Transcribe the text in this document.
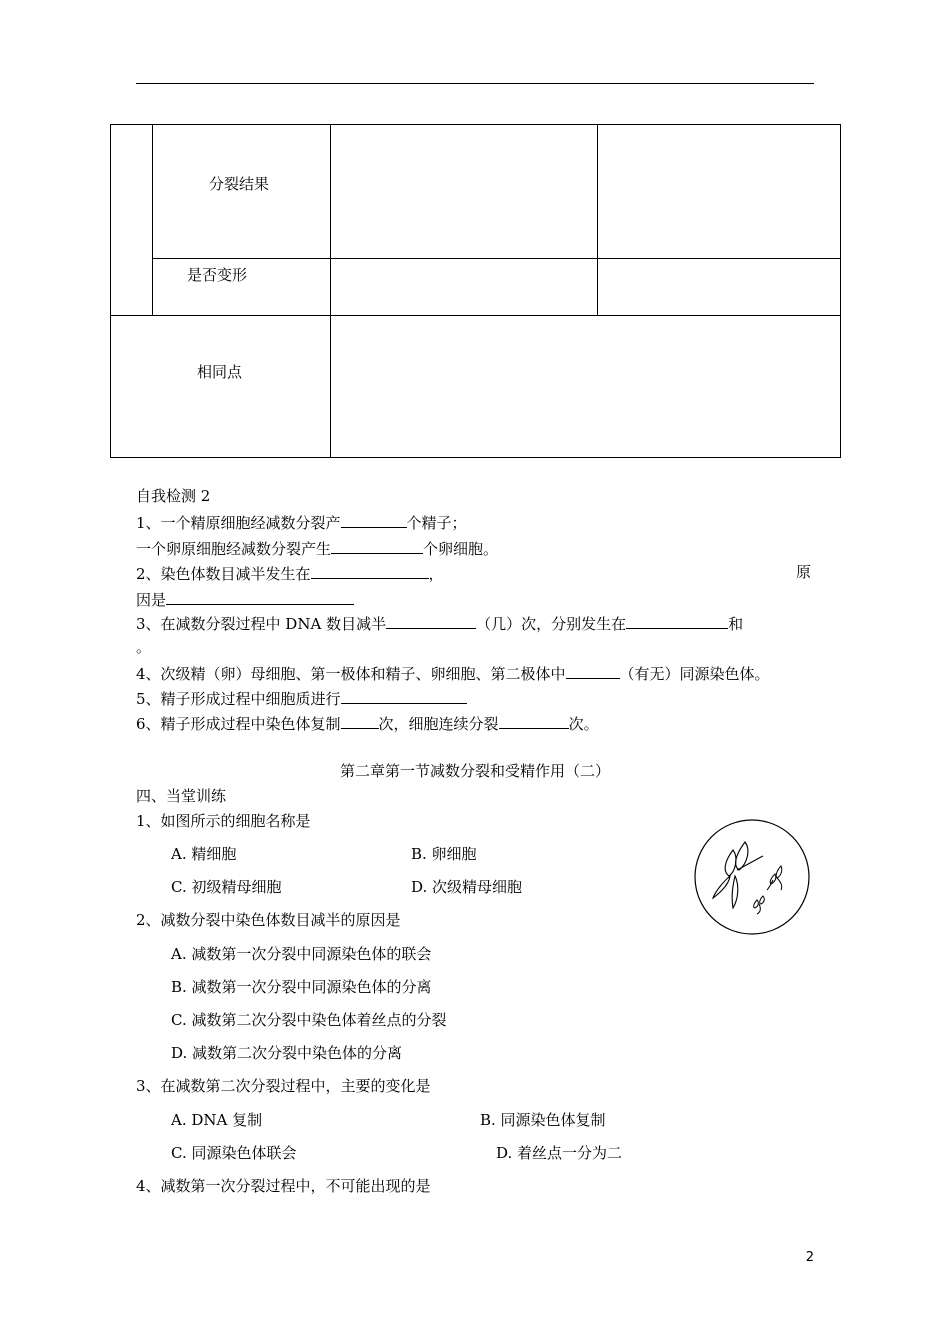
	分裂结果		

	是否变形		

相同点			

自我检测 2
1、一个精原细胞经减数分裂产	个精子；
一个卵原细胞经减数分裂产生	个卵细胞。
2、染色体数目减半发生在	，	原
因是
3、在减数分裂过程中 DNA 数目减半	（几）次，分别发生在	和
。
4、次级精（卵）母细胞、第一极体和精子、卵细胞、第二极体中	（有无）同源染色体。
5、精子形成过程中细胞质进行
6、精子形成过程中染色体复制	次，细胞连续分裂	次。
第二章第一节减数分裂和受精作用（二）
四、当堂训练
1、如图所示的细胞名称是
A. 精细胞	B. 卵细胞
C. 初级精母细胞	D. 次级精母细胞
2、减数分裂中染色体数目减半的原因是
A. 减数第一次分裂中同源染色体的联会
B. 减数第一次分裂中同源染色体的分离
C. 减数第二次分裂中染色体着丝点的分裂
D. 减数第二次分裂中染色体的分离
3、在减数第二次分裂过程中，主要的变化是
A. DNA 复制	B. 同源染色体复制
C. 同源染色体联会	D. 着丝点一分为二
4、减数第一次分裂过程中，不可能出现的是
2
